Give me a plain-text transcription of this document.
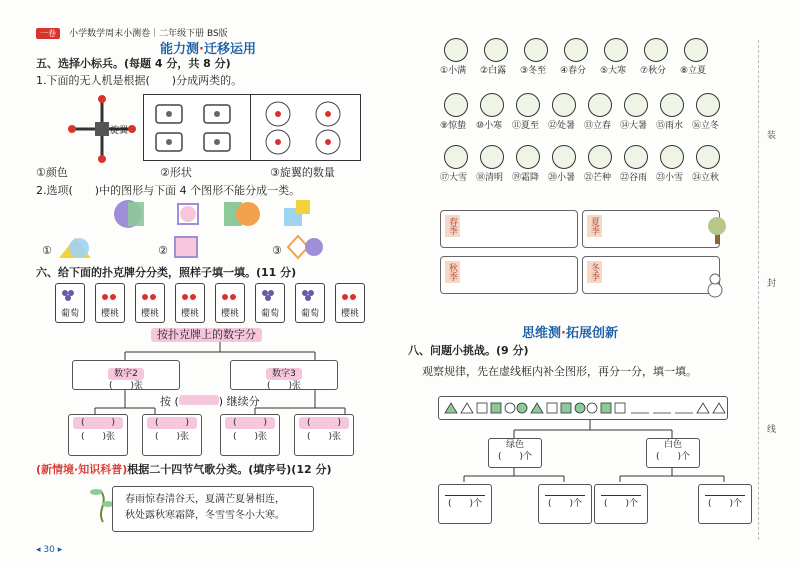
一卷 小学数学周末小测卷｜二年级下册 BS版
能力测·迁移运用
五、选择小标兵。(每题 4 分，共 8 分)
1.下面的无人机是根据(　　)分成两类的。
旋翼
①颜色	②形状	③旋翼的数量
2.选项(　　)中的图形与下面 4 个图形不能分成一类。
①	②	③
六、给下面的扑克牌分分类，照样子填一填。(11 分)
葡萄	樱桃	樱桃	樱桃	樱桃	葡萄	葡萄	樱桃
按扑克牌上的数字分
数字2
(　　)张
数字3
(　　)张
按 (	) 继续分
(　　　)
(　　)张
(　　　)
(　　)张
(　　　)
(　　)张
(　　　)
(　　)张
(新情境·知识科普)根据二十四节气歌分类。(填序号)(12 分)
春雨惊春清谷天，夏满芒夏暑相连，
秋处露秋寒霜降，冬雪雪冬小大寒。
◂ 30 ▸
①小满 ②白露 ③冬至 ④春分 ⑤大寒 ⑦秋分 ⑧立夏
⑨惊蛰 ⑩小寒 ⑪夏至 ⑫处暑 ⑬立春 ⑭大暑 ⑮雨水 ⑯立冬
⑰大雪 ⑱清明 ⑲霜降 ⑳小暑 ㉑芒种 ㉒谷雨 ㉓小雪 ㉔立秋
春季	夏季
秋季	冬季
思维测·拓展创新
八、问题小挑战。(9 分)
观察规律，先在虚线框内补全图形，再分一分，填一填。
绿色
(　　)个
白色
(　　)个
(　　)个	(　　)个	(　　)个	(　　)个
装
封
线
